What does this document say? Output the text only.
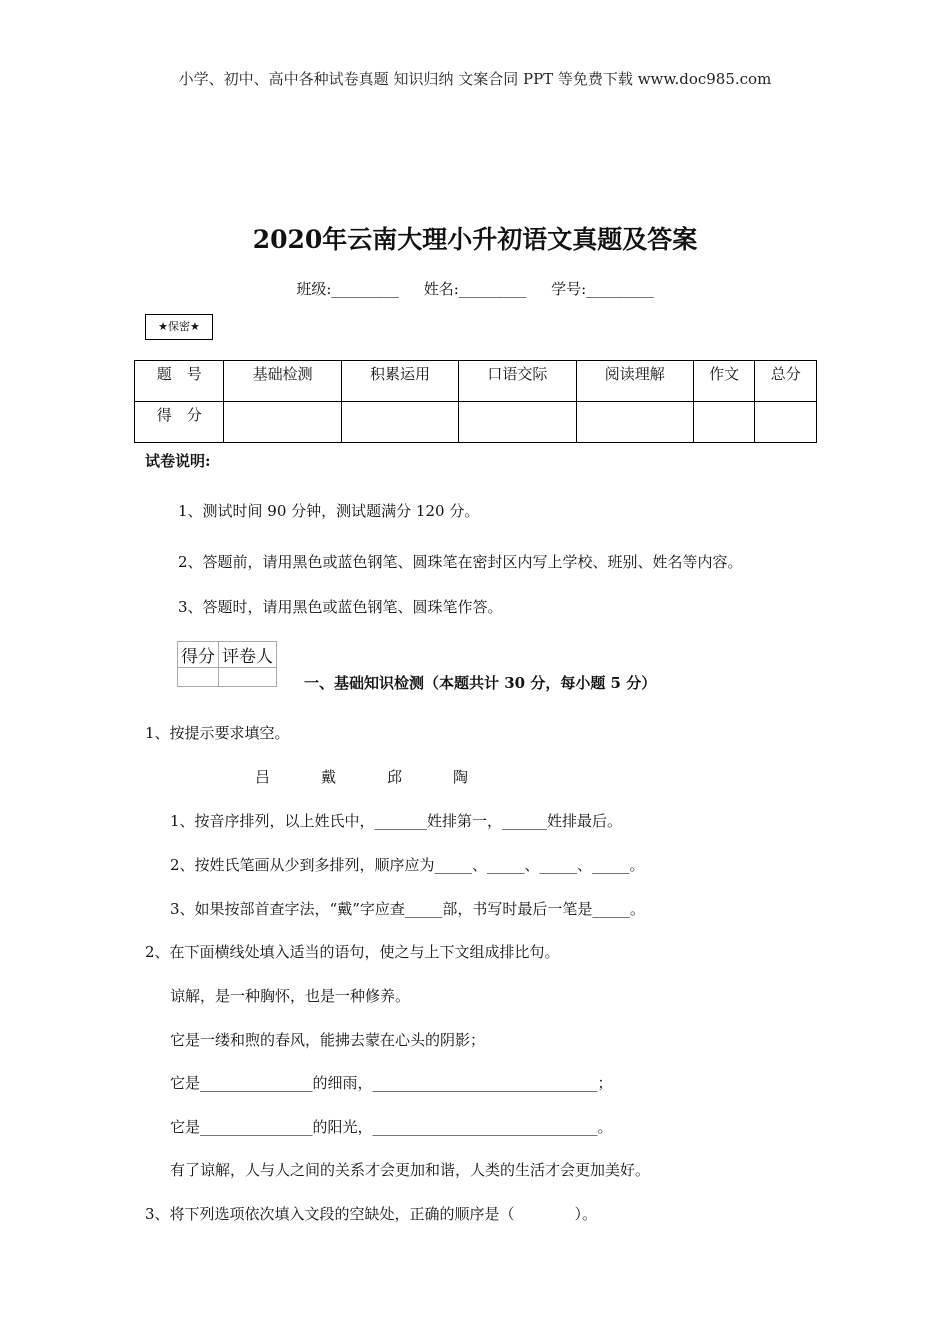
小学、初中、高中各种试卷真题 知识归纳 文案合同 PPT 等免费下载 www.doc985.com
2020年云南大理小升初语文真题及答案
班级:_________ 姓名:_________ 学号:_________
★保密★
题　号	基础检测	积累运用	口语交际	阅读理解	作文	总分
得　分						
试卷说明:
1、测试时间 90 分钟，测试题满分 120 分。
2、答题前，请用黑色或蓝色钢笔、圆珠笔在密封区内写上学校、班别、姓名等内容。
3、答题时，请用黑色或蓝色钢笔、圆珠笔作答。
得分	评卷人

一、基础知识检测（本题共计 30 分，每小题 5 分）
1、按提示要求填空。
吕	戴	邱	陶
1、按音序排列，以上姓氏中，_______姓排第一，______姓排最后。
2、按姓氏笔画从少到多排列，顺序应为_____、_____、_____、_____。
3、如果按部首查字法，“戴”字应查_____部，书写时最后一笔是_____。
2、在下面横线处填入适当的语句，使之与上下文组成排比句。
谅解，是一种胸怀，也是一种修养。
它是一缕和煦的春风，能拂去蒙在心头的阴影；
它是_______________的细雨，______________________________；
它是_______________的阳光，______________________________。
有了谅解，人与人之间的关系才会更加和谐，人类的生活才会更加美好。
3、将下列选项依次填入文段的空缺处，正确的顺序是（　　　　）。
